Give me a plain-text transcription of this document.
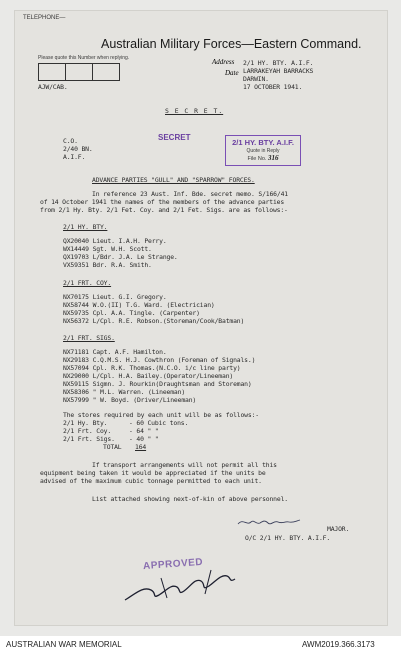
TELEPHONE—
Australian Military Forces—Eastern Command.
Please quote this Number when replying.
AJW/CAB.
Address
Date
2/1 HY. BTY. A.I.F.
LARRAKEYAH BARRACKS
DARWIN.
17 OCTOBER 1941.
S E C R E T.
SECRET
2/1 HY. BTY. A.I.F.
Quote in Reply
File No. 316
C.O.
2/40 BN.
A.I.F.
ADVANCE PARTIES "GULL" AND "SPARROW" FORCES.
In reference 23 Aust. Inf. Bde. secret memo. S/166/41
of 14 October 1941 the names of the members of the advance parties
from 2/1 Hy. Bty. 2/1 Fet. Coy. and 2/1 Fet. Sigs. are as follows:-
2/1 HY. BTY.
QX20040 Lieut. I.A.H. Perry.
WX14449 Sgt. W.H. Scott.
QX19703 L/Bdr. J.A. Le Strange.
VX59351 Bdr. R.A. Smith.
2/1 FRT. COY.
NX70175 Lieut. G.I. Gregory.
NX58744 W.O.(II) T.G. Ward. (Electrician)
NX59735 Cpl. A.A. Tingle. (Carpenter)
NX56372 L/Cpl. R.E. Robson.(Storeman/Cook/Batman)
2/1 FRT. SIGS.
NX71181 Capt. A.F. Hamilton.
NX29183 C.Q.M.S. H.J. Cowthron (Foreman of Signals.)
NX57094 Cpl. R.K. Thomas.(N.C.O. i/c line party)
NX29000 L/Cpl. H.A. Bailey.(Operator/Lineeman)
NX59115 Sigmn. J. Rourkin(Draughtsman and Storeman)
NX58306 " M.L. Warren. (Lineeman)
NX57999 " W. Boyd. (Driver/Lineeman)
The stores required by each unit will be as follows:-
2/1 Hy. Bty.	- 60 Cubic tons.
2/1 Frt. Coy.	- 64 " "
2/1 Frt. Sigs. - 40 " "
TOTAL 164
If transport arrangements will not permit all this
equipment being taken it would be appreciated if the units be
advised of the maximum cubic tonnage permitted to each unit.
List attached showing next-of-kin of above personnel.
MAJOR.
O/C 2/1 HY. BTY. A.I.F.
APPROVED
AUSTRALIAN WAR MEMORIAL	AWM2019.366.3173
